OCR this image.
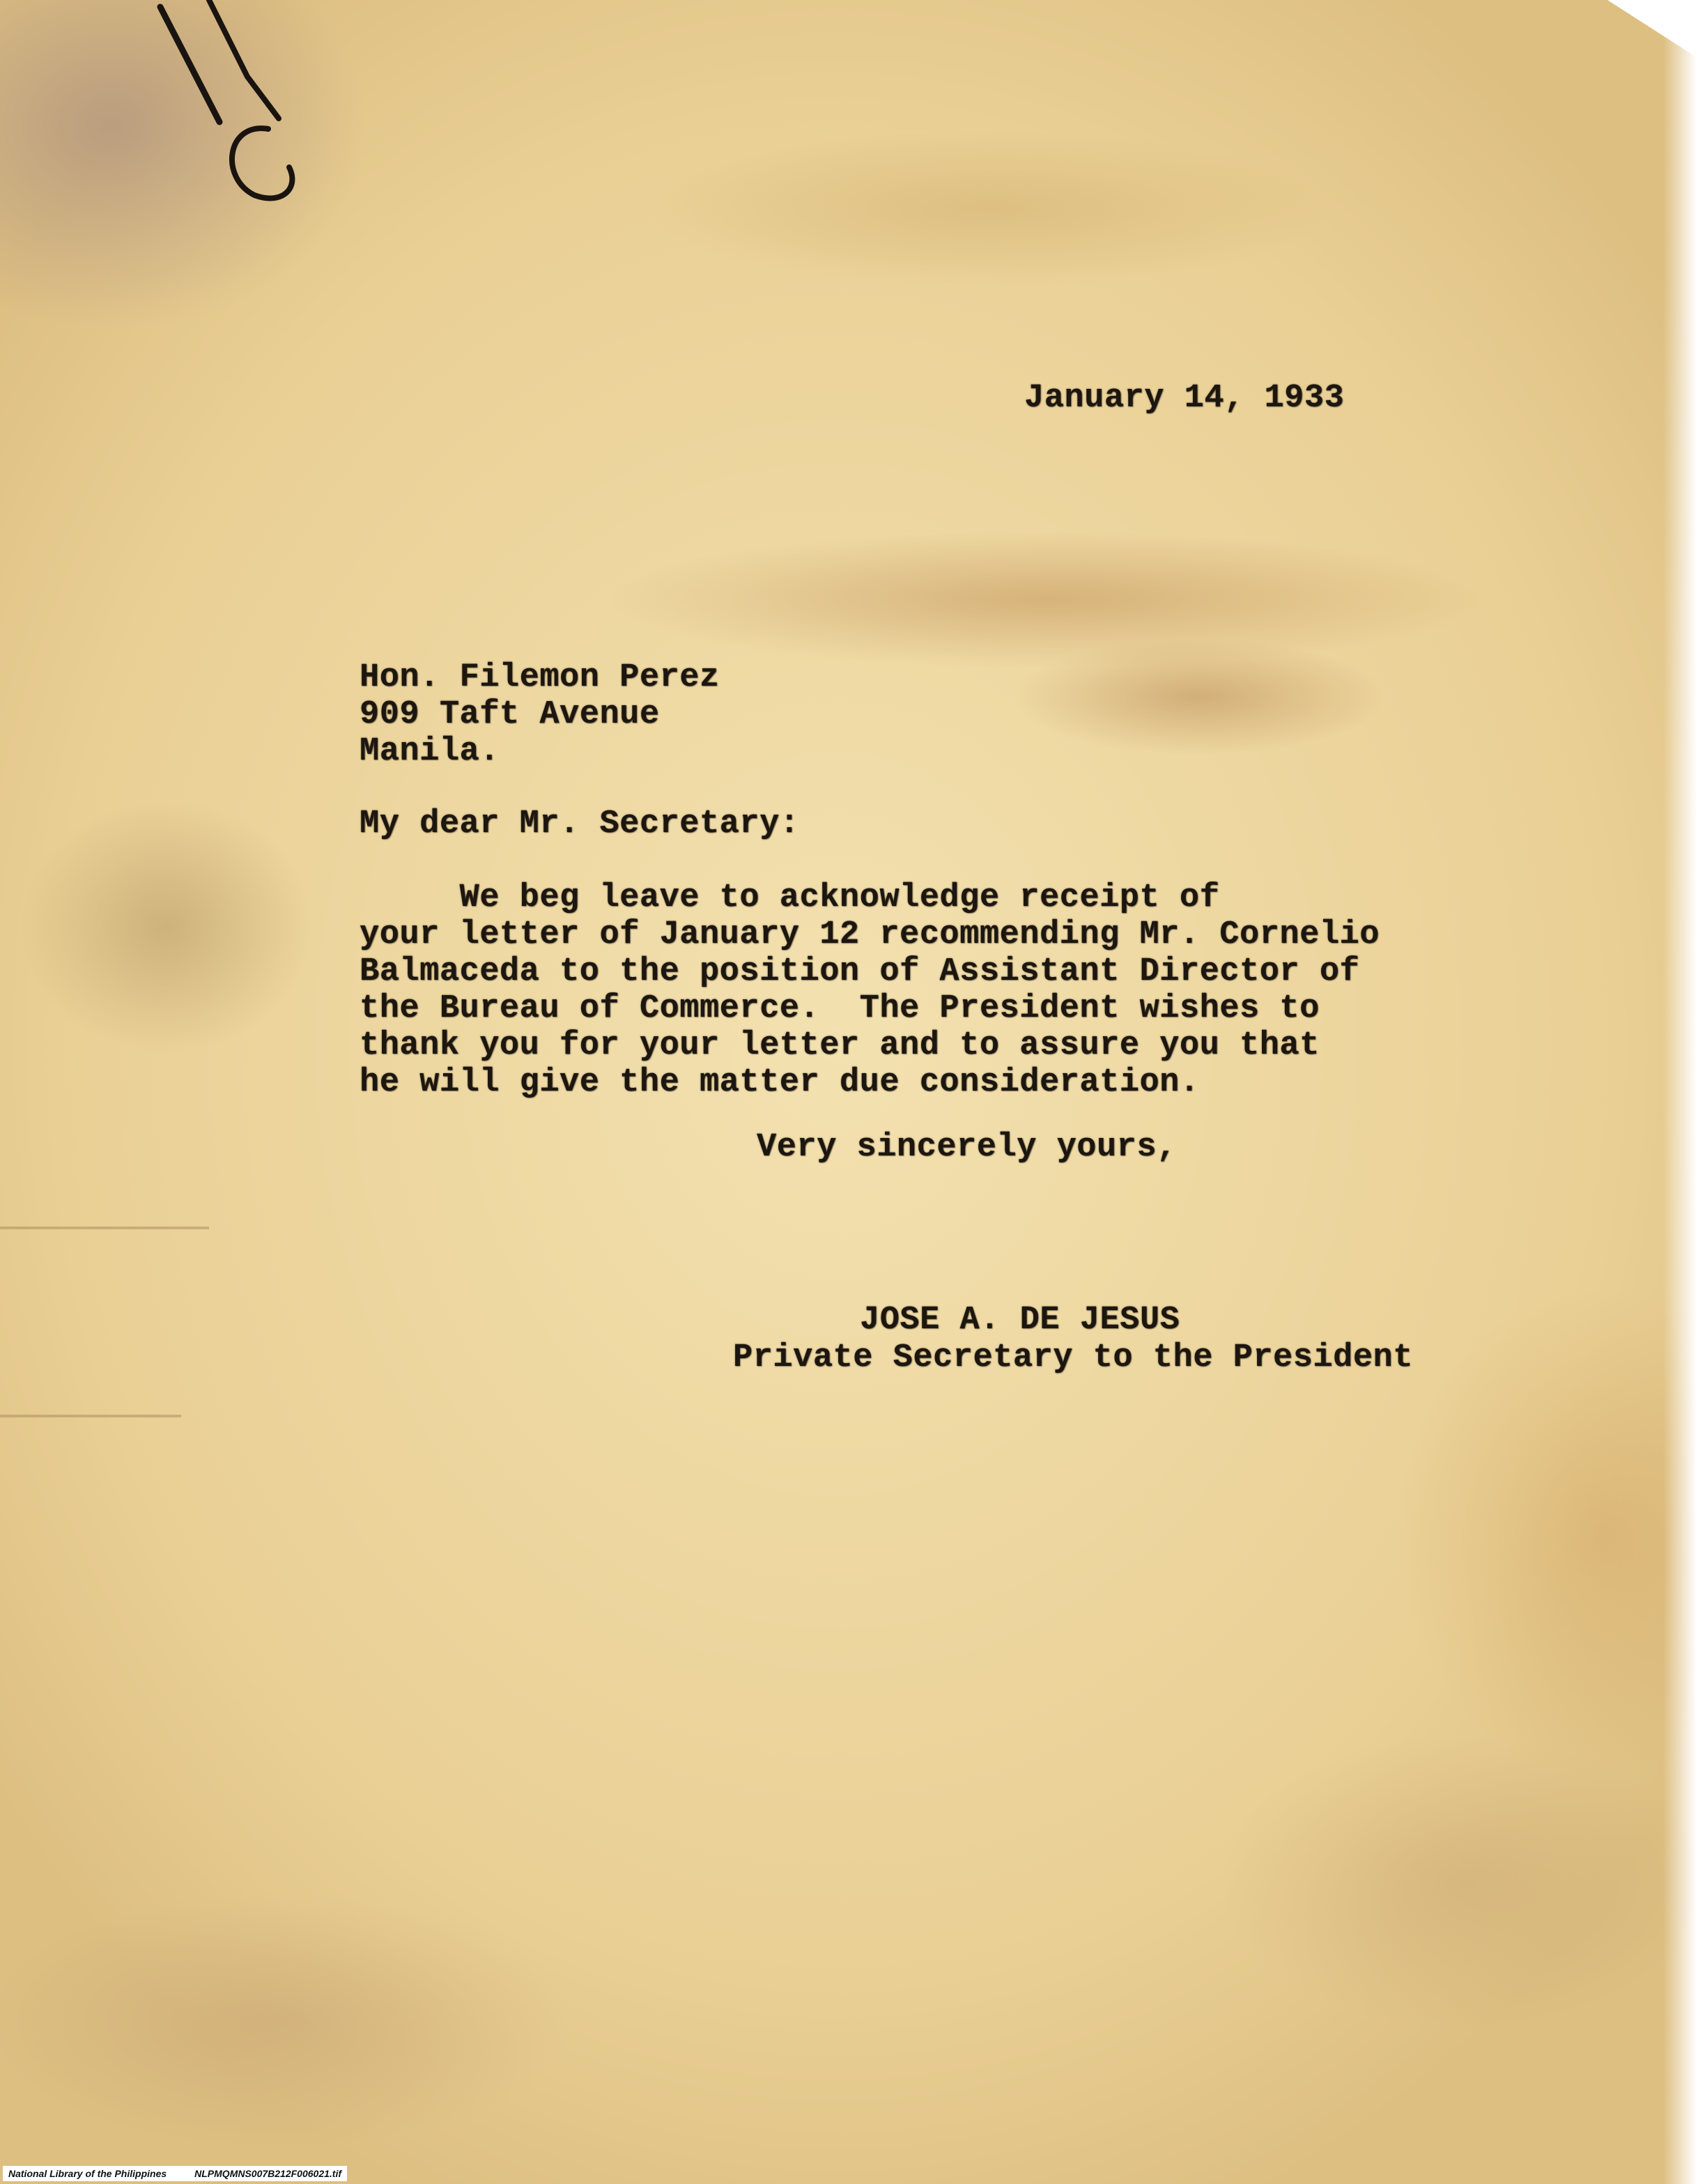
January 14, 1933
Hon. Filemon Perez
909 Taft Avenue
Manila.
My dear Mr. Secretary:
We beg leave to acknowledge receipt of
your letter of January 12 recommending Mr. Cornelio
Balmaceda to the position of Assistant Director of
the Bureau of Commerce.  The President wishes to
thank you for your letter and to assure you that
he will give the matter due consideration.
Very sincerely yours,
JOSE A. DE JESUS
Private Secretary to the President
National Library of the Philippines	NLPMQMNS007B212F006021.tif
